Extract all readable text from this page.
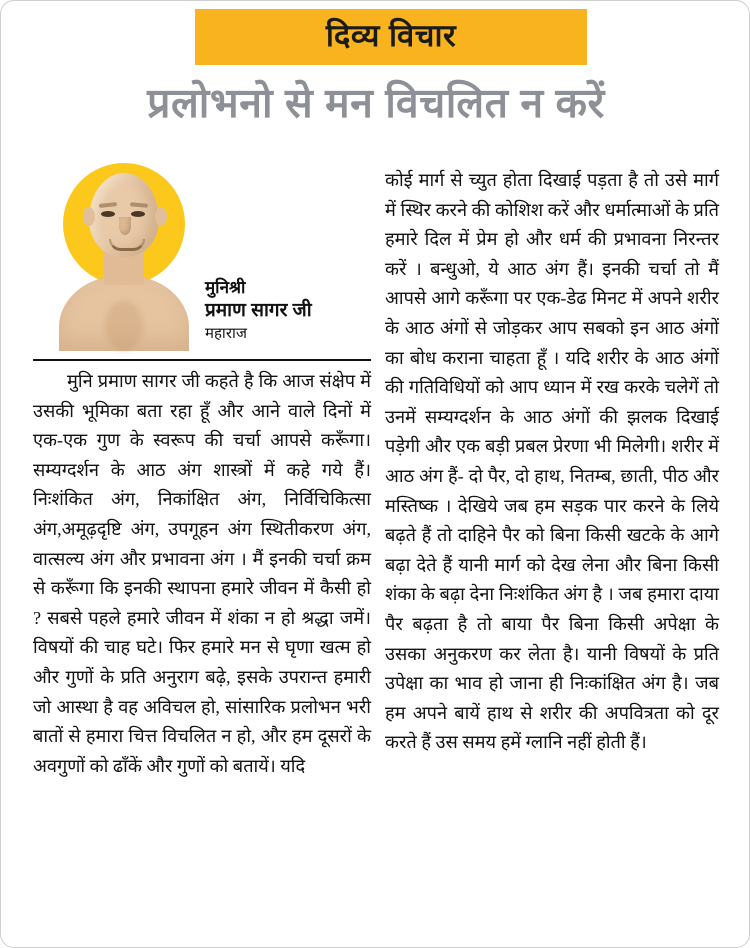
दिव्य विचार
प्रलोभनो से मन विचलित न करें
मुनिश्री
प्रमाण सागर जी
महाराज

मुनि प्रमाण सागर जी कहते है कि आज संक्षेप में उसकी भूमिका बता रहा हूँ और आने वाले दिनों में एक-एक गुण के स्वरूप की चर्चा आपसे करूँगा। सम्यग्दर्शन के आठ अंग शास्त्रों में कहे गये हैं। निःशंकित अंग, निकांक्षित अंग, निर्विचिकित्सा अंग,अमूढ़दृष्टि अंग, उपगूहन अंग स्थितीकरण अंग, वात्सल्य अंग और प्रभावना अंग । मैं इनकी चर्चा क्रम से करूँगा कि इनकी स्थापना हमारे जीवन में कैसी हो ? सबसे पहले हमारे जीवन में शंका न हो श्रद्धा जमें। विषयों की चाह घटे। फिर हमारे मन से घृणा खत्म हो और गुणों के प्रति अनुराग बढ़े, इसके उपरान्त हमारी जो आस्था है वह अविचल हो, सांसारिक प्रलोभन भरी बातों से हमारा चित्त विचलित न हो, और हम दूसरों के अवगुणों को ढाँकें और गुणों को बतायें। यदि

कोई मार्ग से च्युत होता दिखाई पड़ता है तो उसे मार्ग में स्थिर करने की कोशिश करें और धर्मात्माओं के प्रति हमारे दिल में प्रेम हो और धर्म की प्रभावना निरन्तर करें । बन्धुओ, ये आठ अंग हैं। इनकी चर्चा तो मैं आपसे आगे करूँगा पर एक-डेढ मिनट में अपने शरीर के आठ अंगों से जोड़कर आप सबको इन आठ अंगों का बोध कराना चाहता हूँ । यदि शरीर के आठ अंगों की गतिविधियों को आप ध्यान में रख करके चलेगें तो उनमें सम्यग्दर्शन के आठ अंगों की झलक दिखाई पड़ेगी और एक बड़ी प्रबल प्रेरणा भी मिलेगी। शरीर में आठ अंग हैं- दो पैर, दो हाथ, नितम्ब, छाती, पीठ और मस्तिष्क । देखिये जब हम सड़क पार करने के लिये बढ़ते हैं तो दाहिने पैर को बिना किसी खटके के आगे बढ़ा देते हैं यानी मार्ग को देख लेना और बिना किसी शंका के बढ़ा देना निःशंकित अंग है । जब हमारा दाया पैर बढ़ता है तो बाया पैर बिना किसी अपेक्षा के उसका अनुकरण कर लेता है। यानी विषयों के प्रति उपेक्षा का भाव हो जाना ही निःकांक्षित अंग है। जब हम अपने बायें हाथ से शरीर की अपवित्रता को दूर करते हैं उस समय हमें ग्लानि नहीं होती हैं।
